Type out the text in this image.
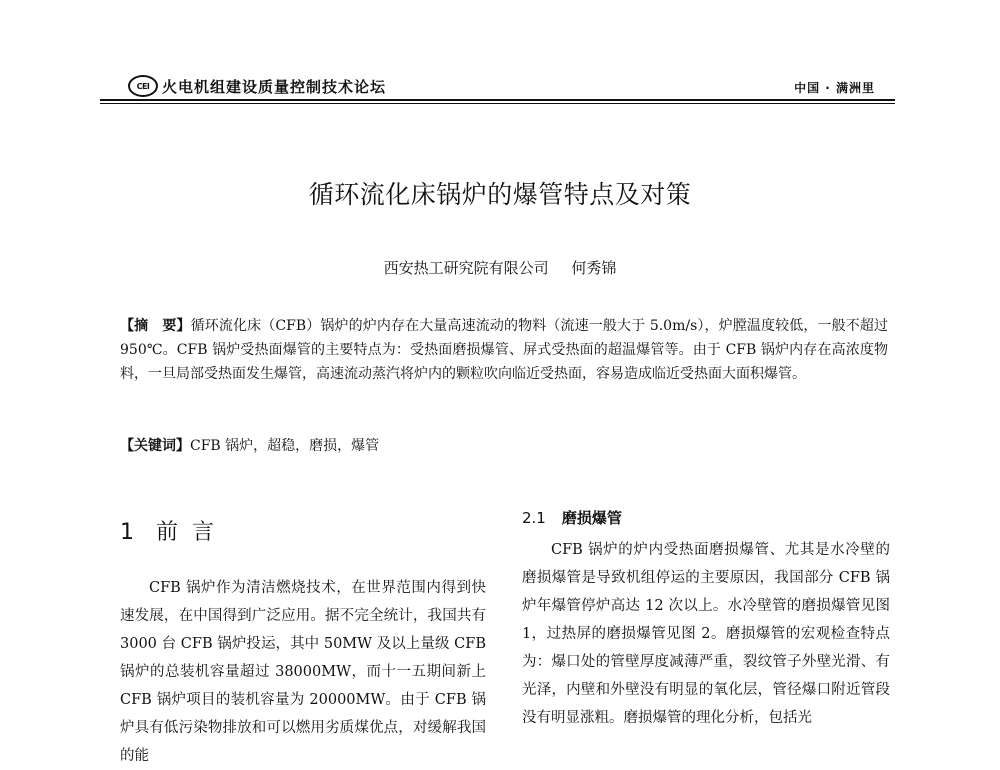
CEI 火电机组建设质量控制技术论坛	中国 · 满洲里
循环流化床锅炉的爆管特点及对策
西安热工研究院有限公司 何秀锦
【摘　要】循环流化床（CFB）锅炉的炉内存在大量高速流动的物料（流速一般大于 5.0m/s），炉膛温度较低，一般不超过 950℃。CFB 锅炉受热面爆管的主要特点为：受热面磨损爆管、屏式受热面的超温爆管等。由于 CFB 锅炉内存在高浓度物料，一旦局部受热面发生爆管，高速流动蒸汽将炉内的颗粒吹向临近受热面，容易造成临近受热面大面积爆管。
【关键词】CFB 锅炉，超稳，磨损，爆管
1 前言

CFB 锅炉作为清洁燃烧技术，在世界范围内得到快速发展，在中国得到广泛应用。据不完全统计，我国共有 3000 台 CFB 锅炉投运，其中 50MW 及以上量级 CFB 锅炉的总装机容量超过 38000MW，而十一五期间新上 CFB 锅炉项目的装机容量为 20000MW。由于 CFB 锅炉具有低污染物排放和可以燃用劣质煤优点，对缓解我国的能

2.1 磨损爆管

CFB 锅炉的炉内受热面磨损爆管、尤其是水冷壁的磨损爆管是导致机组停运的主要原因，我国部分 CFB 锅炉年爆管停炉高达 12 次以上。水冷壁管的磨损爆管见图 1，过热屏的磨损爆管见图 2。磨损爆管的宏观检查特点为：爆口处的管壁厚度减薄严重，裂纹管子外壁光滑、有光泽，内壁和外壁没有明显的氧化层，管径爆口附近管段没有明显涨粗。磨损爆管的理化分析，包括光
